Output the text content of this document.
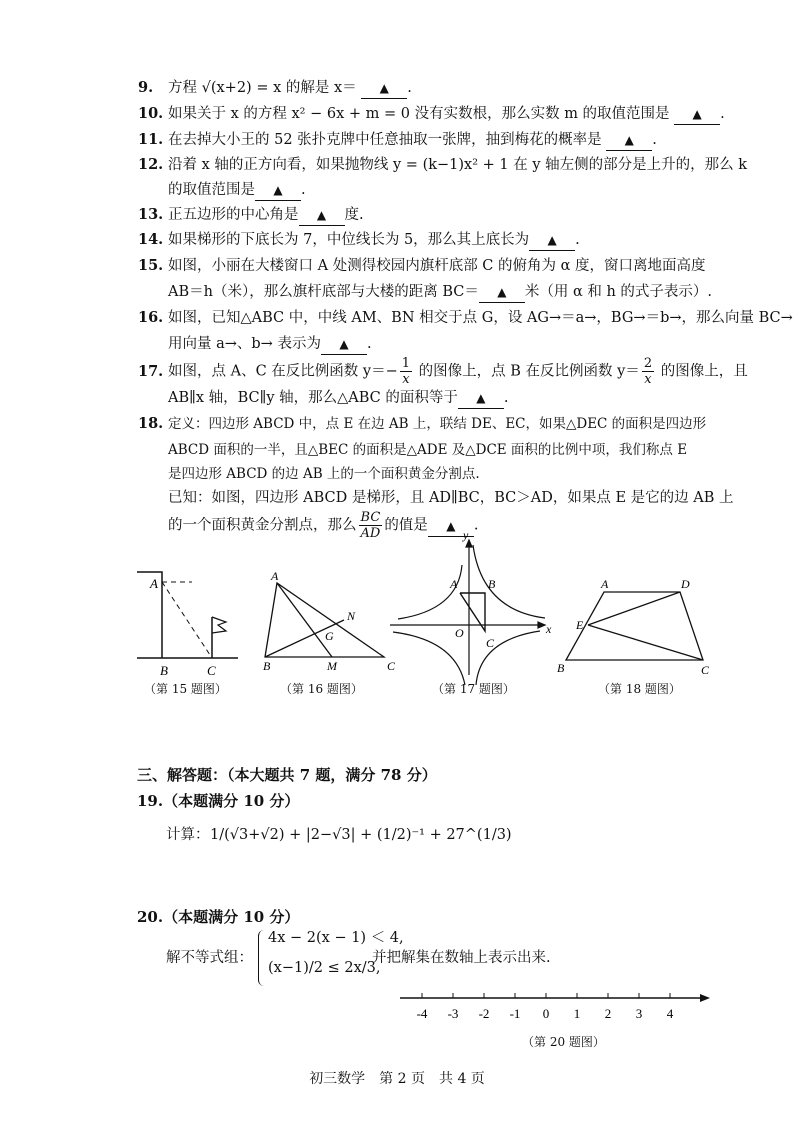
9. 方程 √(x+2) = x 的解是 x＝ ▲ .
10. 如果关于 x 的方程 x² − 6x + m = 0 没有实数根，那么实数 m 的取值范围是 ▲ .
11. 在去掉大小王的 52 张扑克牌中任意抽取一张牌，抽到梅花的概率是 ▲ .
12. 沿着 x 轴的正方向看，如果抛物线 y = (k−1)x² + 1 在 y 轴左侧的部分是上升的，那么 k
的取值范围是 ▲ .
13. 正五边形的中心角是 ▲ 度.
14. 如果梯形的下底长为 7，中位线长为 5，那么其上底长为 ▲ .
15. 如图，小丽在大楼窗口 A 处测得校园内旗杆底部 C 的俯角为 α 度，窗口离地面高度
AB＝h（米），那么旗杆底部与大楼的距离 BC＝ ▲ 米（用 α 和 h 的式子表示）.
16. 如图，已知△ABC 中，中线 AM、BN 相交于点 G，设 AG→＝a→，BG→＝b→，那么向量 BC→
用向量 a→、b→ 表示为 ▲ .
17. 如图，点 A、C 在反比例函数 $y=- \frac{1}{x}$ 的图像上，点 B 在反比例函数 $y= \frac{2}{x}$ 的图像上，且
AB∥x 轴，BC∥y 轴，那么△ABC 的面积等于 ▲ .
18. 定义：四边形 ABCD 中，点 E 在边 AB 上，联结 DE、EC，如果△DEC 的面积是四边形
ABCD 面积的一半，且△BEC 的面积是△ADE 及△DCE 面积的比例中项，我们称点 E
是四边形 ABCD 的边 AB 上的一个面积黄金分割点.
已知：如图，四边形 ABCD 是梯形，且 AD∥BC，BC＞AD，如果点 E 是它的边 AB 上
的一个面积黄金分割点，那么 $\frac{BC}{AD}$ 的值是 ▲ .
A
B	C
A
B	C
N
G
M
A	B
C
O	x
y
A	D
E
B	C
（第 15 题图）	（第 16 题图）	（第 17 题图）	（第 18 题图）
三、解答题：（本大题共 7 题，满分 78 分）
19.（本题满分 10 分）
计算： 1/(√3+√2) + |2−√3| + (1/2)⁻¹ + 27^(1/3)
20.（本题满分 10 分）
解不等式组：
4x − 2(x − 1) ＜ 4,
(x−1)/2 ≤ 2x/3,
并把解集在数轴上表示出来.
-4 -3 -2 -1 0 1 2 3 4
（第 20 题图）
初三数学　第 2 页　共 4 页
